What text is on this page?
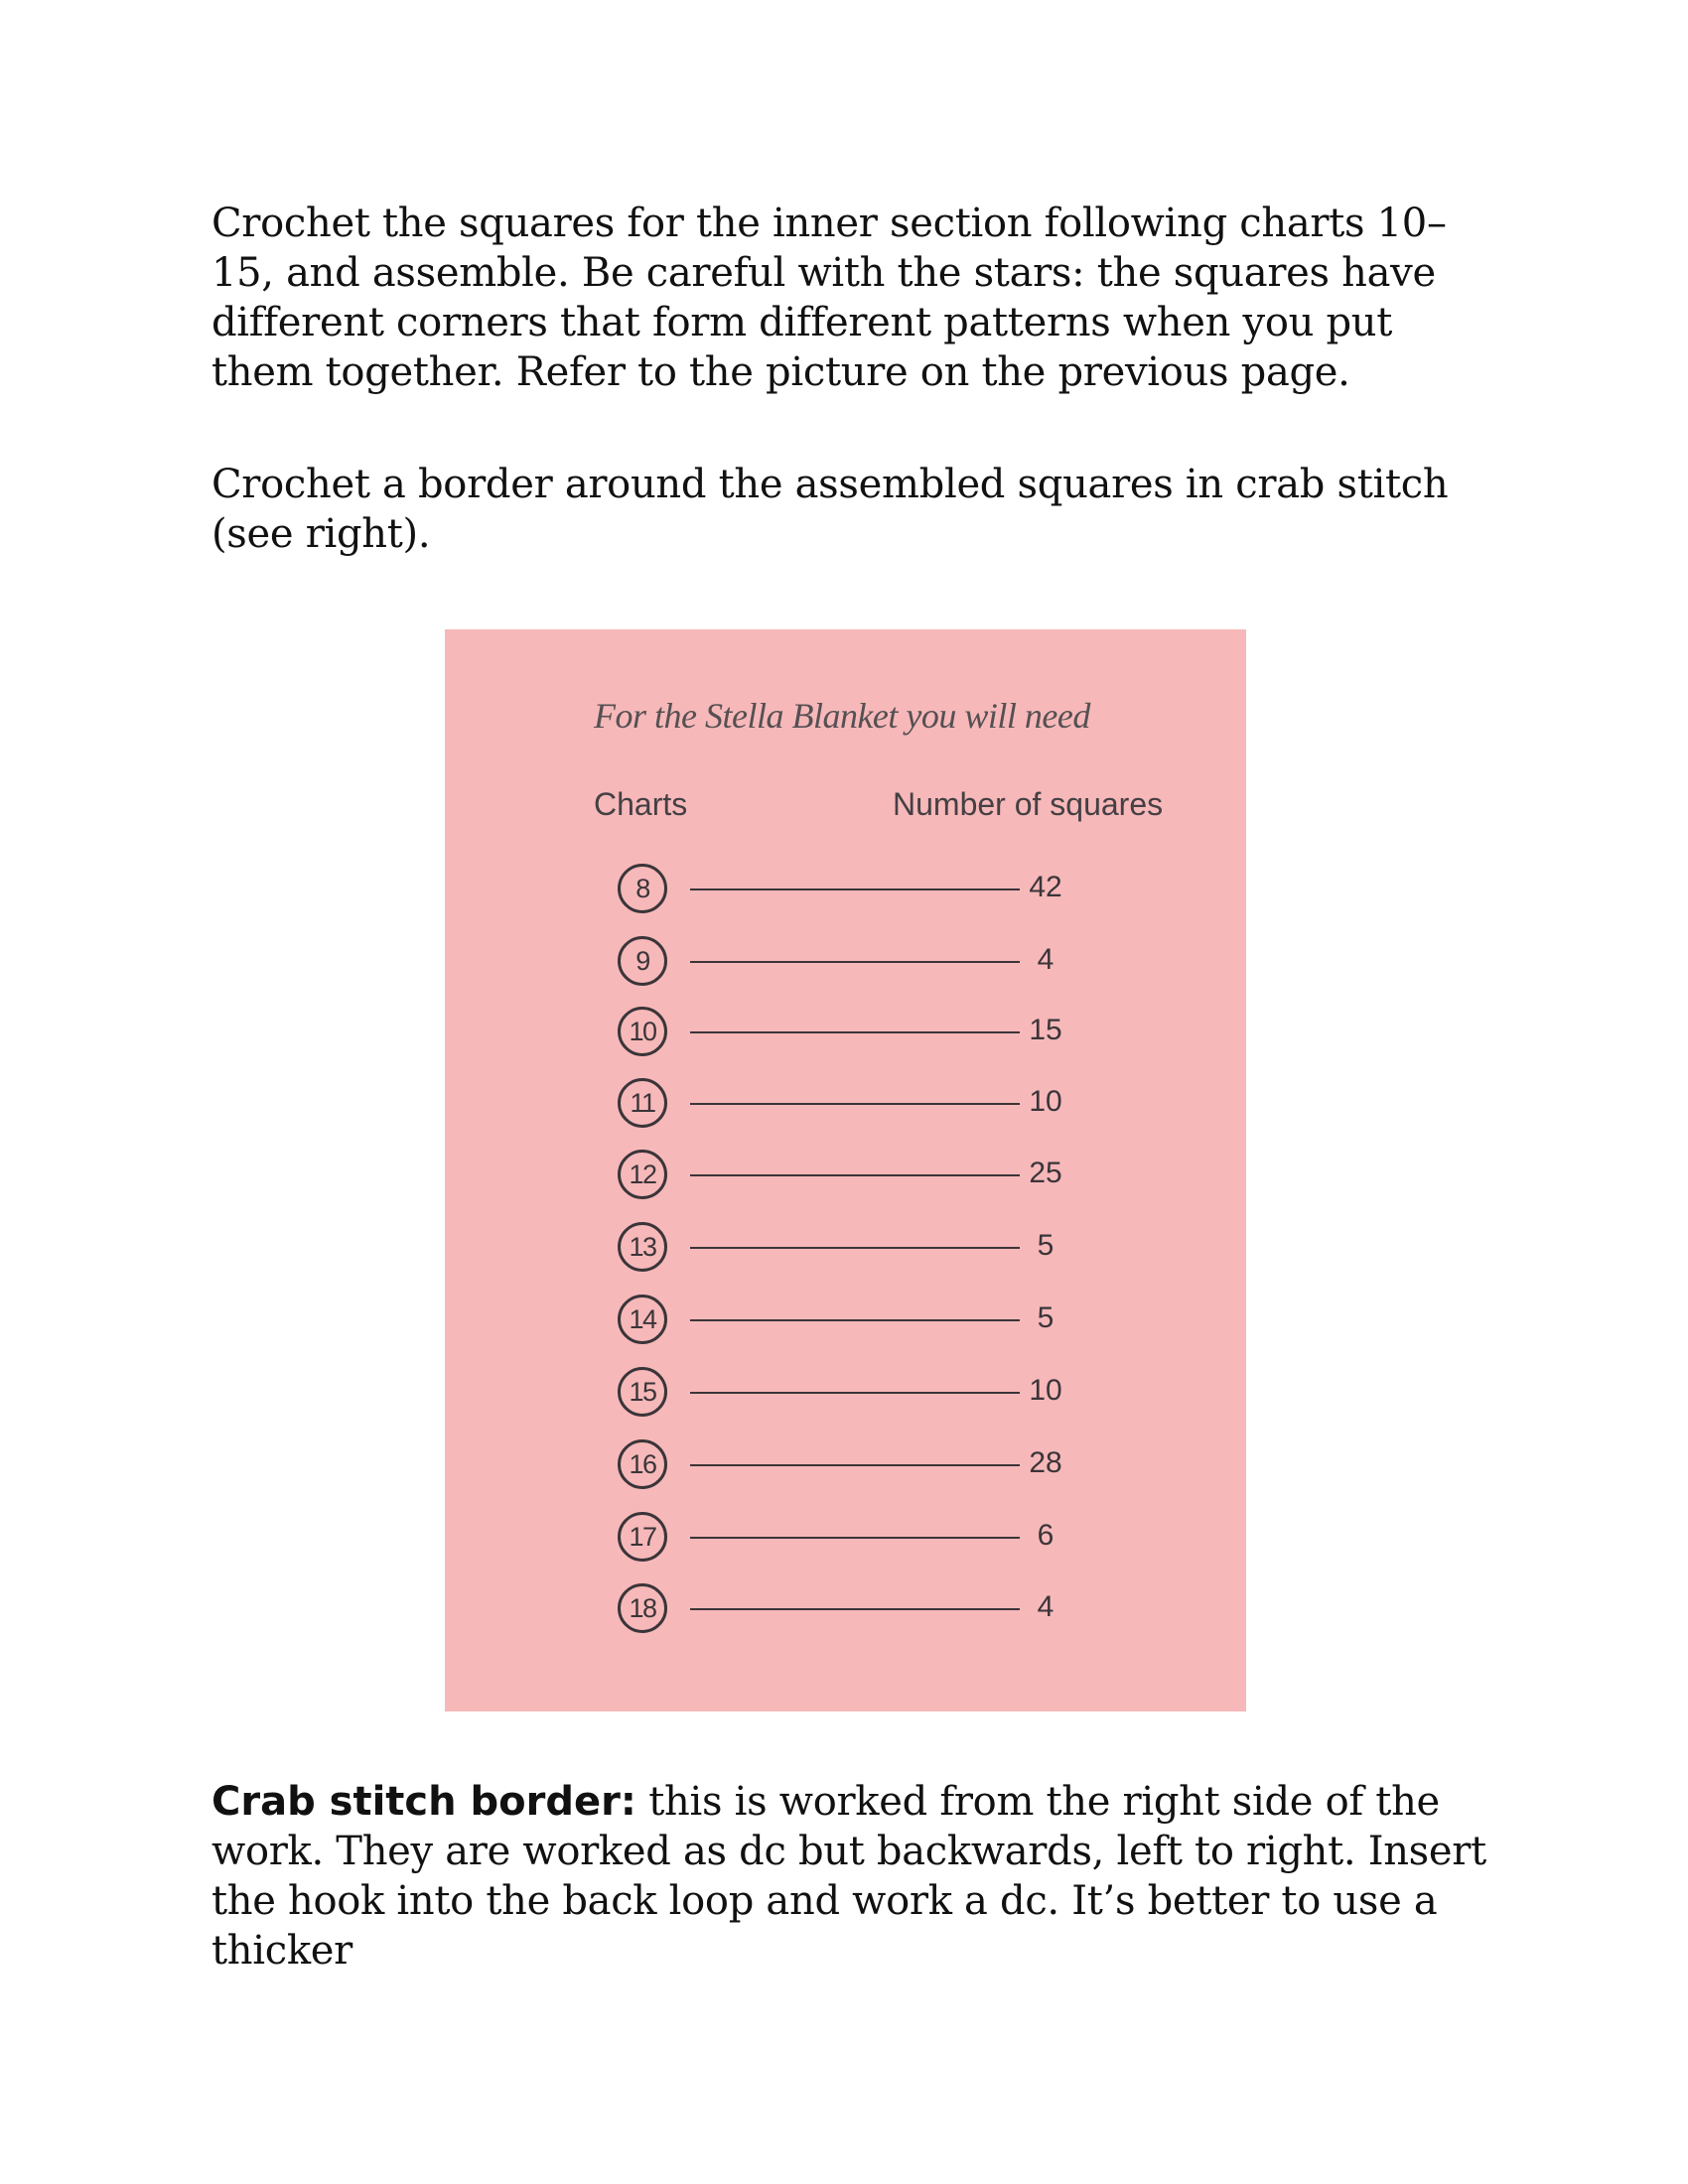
Crochet the squares for the inner section following charts 10–15, and assemble. Be careful with the stars: the squares have different corners that form different patterns when you put them together. Refer to the picture on the previous page.

Crochet a border around the assembled squares in crab stitch (see right).

For the Stella Blanket you will need

Charts	Number of squares

8	42
9	4
10	15
11	10
12	25
13	5
14	5
15	10
16	28
17	6
18	4

Crab stitch border: this is worked from the right side of the work. They are worked as dc but backwards, left to right. Insert the hook into the back loop and work a dc. It’s better to use a thicker
